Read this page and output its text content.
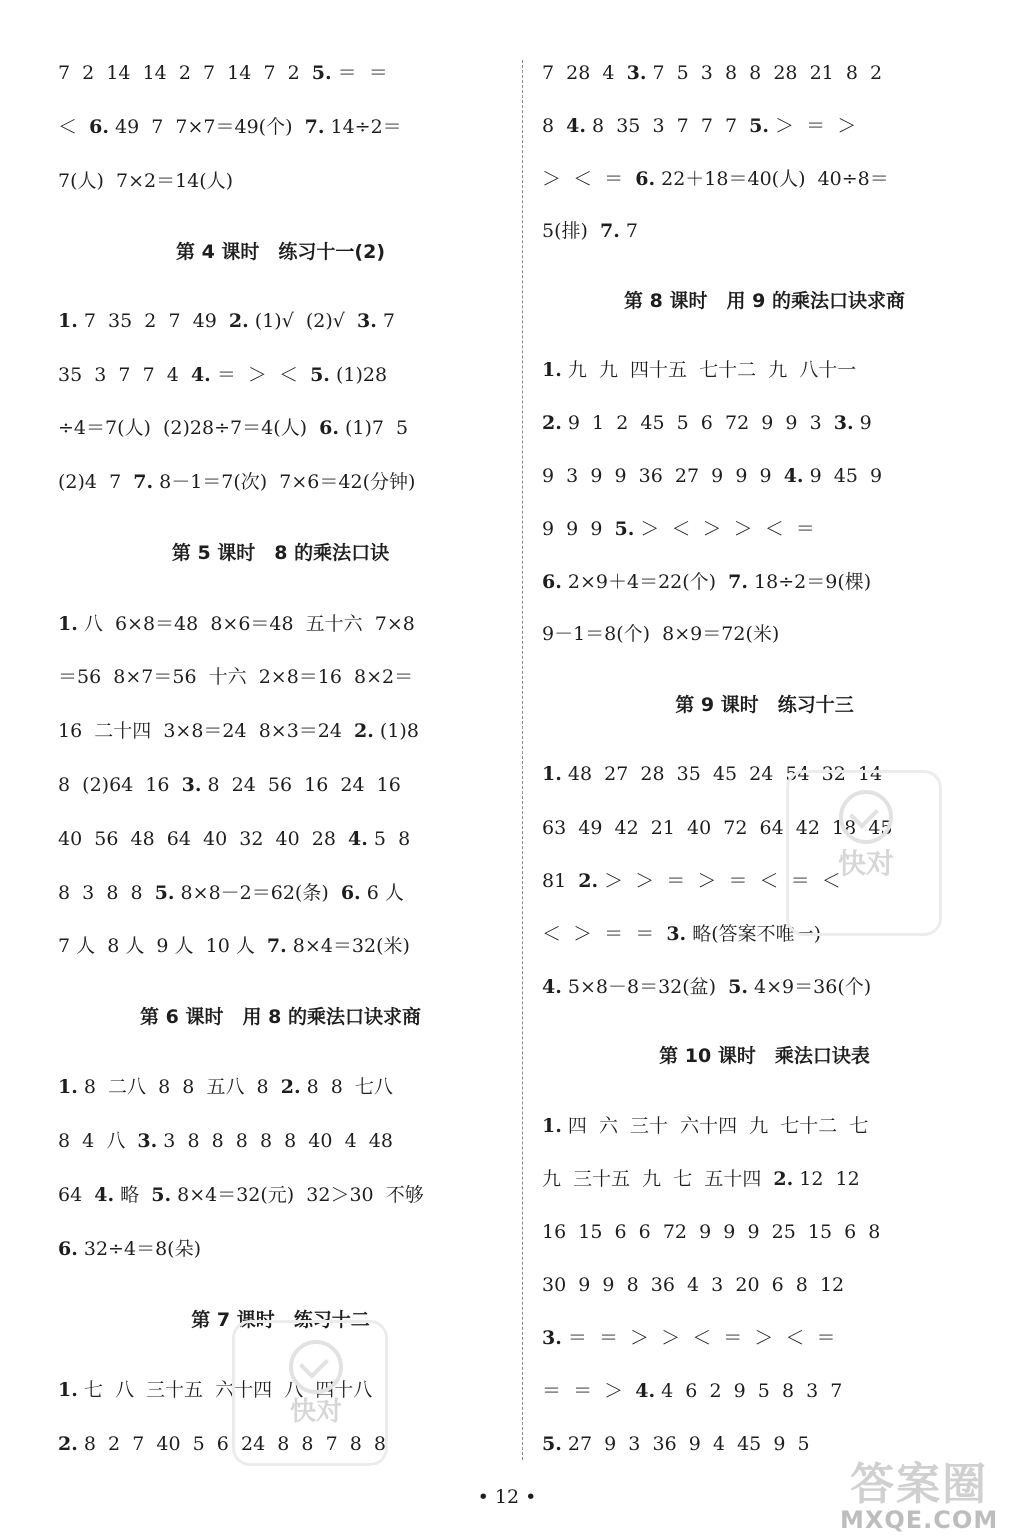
7  2  14  14  2  7  14  7  2  5. ＝  ＝
＜  6. 49  7  7×7＝49(个)  7. 14÷2＝
7(人)  7×2＝14(人)
第 4 课时　练习十一(2)
1. 7  35  2  7  49  2. (1)√  (2)√  3. 7
35  3  7  7  4  4. ＝  ＞  ＜  5. (1)28
÷4＝7(人)  (2)28÷7＝4(人)  6. (1)7  5
(2)4  7  7. 8－1＝7(次)  7×6＝42(分钟)
第 5 课时　8 的乘法口诀
1. 八  6×8＝48  8×6＝48  五十六  7×8
＝56  8×7＝56  十六  2×8＝16  8×2＝
16  二十四  3×8＝24  8×3＝24  2. (1)8
8  (2)64  16  3. 8  24  56  16  24  16
40  56  48  64  40  32  40  28  4. 5  8
8  3  8  8  5. 8×8－2＝62(条)  6. 6 人
7 人  8 人  9 人  10 人  7. 8×4＝32(米)
第 6 课时　用 8 的乘法口诀求商
1. 8  二八  8  8  五八  8  2. 8  8  七八
8  4  八  3. 3  8  8  8  8  8  40  4  48
64  4. 略  5. 8×4＝32(元)  32＞30  不够
6. 32÷4＝8(朵)
第 7 课时　练习十二
1. 七  八  三十五  六十四  八  四十八
2. 8  2  7  40  5  6  24  8  8  7  8  8
7  28  4  3. 7  5  3  8  8  28  21  8  2
8  4. 8  35  3  7  7  7  5. ＞  ＝  ＞
＞  ＜  ＝  6. 22＋18＝40(人)  40÷8＝
5(排)  7. 7
第 8 课时　用 9 的乘法口诀求商
1. 九  九  四十五  七十二  九  八十一
2. 9  1  2  45  5  6  72  9  9  3  3. 9
9  3  9  9  36  27  9  9  9  4. 9  45  9
9  9  9  5. ＞  ＜  ＞  ＞  ＜  ＝
6. 2×9＋4＝22(个)  7. 18÷2＝9(棵)
9－1＝8(个)  8×9＝72(米)
第 9 课时　练习十三
1. 48  27  28  35  45  24  54  32  14
63  49  42  21  40  72  64  42  18  45
81  2. ＞  ＞  ＝  ＞  ＝  ＜  ＝  ＜
＜  ＞  ＝  ＝  3. 略(答案不唯一)
4. 5×8－8＝32(盆)  5. 4×9＝36(个)
第 10 课时　乘法口诀表
1. 四  六  三十  六十四  九  七十二  七
九  三十五  九  七  五十四  2. 12  12
16  15  6  6  72  9  9  9  25  15  6  8
30  9  9  8  36  4  3  20  6  8  12
3. ＝  ＝  ＞  ＞  ＜  ＝  ＞  ＜  ＝
＝  ＝  ＞  4. 4  6  2  9  5  8  3  7
5. 27  9  3  36  9  4  45  9  5
快对
快对
答案圈
MXQE.COM
• 12 •
